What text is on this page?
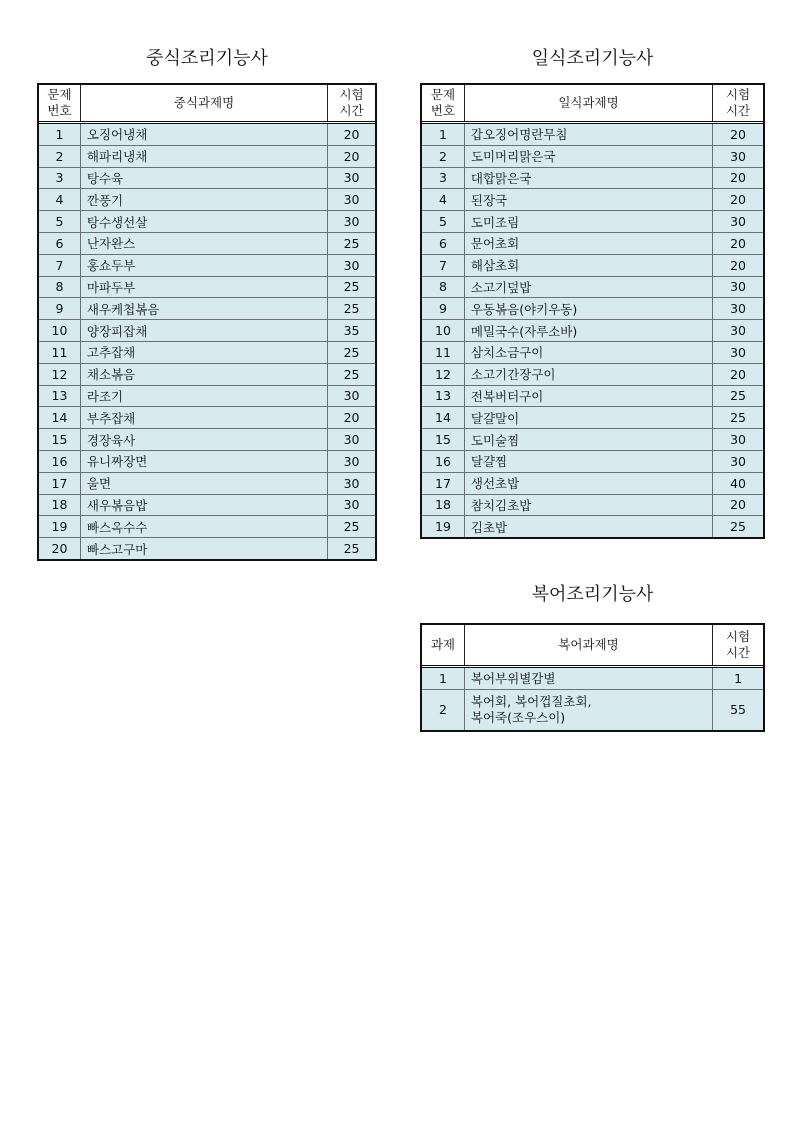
중식조리기능사
문제
번호	중식과제명	시험
시간
1	오징어냉채	20
2	해파리냉채	20
3	탕수육	30
4	깐풍기	30
5	탕수생선살	30
6	난자완스	25
7	홍쇼두부	30
8	마파두부	25
9	새우케첩볶음	25
10	양장피잡채	35
11	고추잡채	25
12	채소볶음	25
13	라조기	30
14	부추잡채	20
15	경장육사	30
16	유니짜장면	30
17	울면	30
18	새우볶음밥	30
19	빠스옥수수	25
20	빠스고구마	25
일식조리기능사
문제
번호	일식과제명	시험
시간
1	갑오징어명란무침	20
2	도미머리맑은국	30
3	대합맑은국	20
4	된장국	20
5	도미조림	30
6	문어초회	20
7	해삼초회	20
8	소고기덮밥	30
9	우동볶음(야키우동)	30
10	메밀국수(자루소바)	30
11	삼치소금구이	30
12	소고기간장구이	20
13	전복버터구이	25
14	달걀말이	25
15	도미술찜	30
16	달걀찜	30
17	생선초밥	40
18	참치김초밥	20
19	김초밥	25
복어조리기능사
과제	복어과제명	시험
시간
1	복어부위별감별	1
2	복어회, 복어껍질초회,
복어죽(조우스이)	55
